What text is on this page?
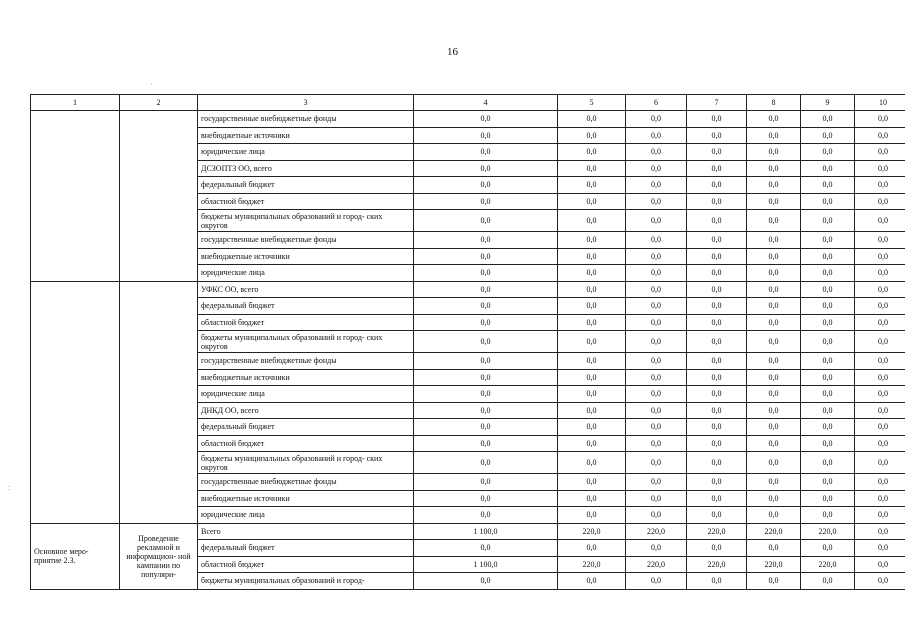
16
·
:
1	2	3	4	5	6	7	8	9	10
		государственные внебюджетные фонды	0,0	0,0	0,0	0,0	0,0	0,0	0,0
		внебюджетные источники	0,0	0,0	0,0	0,0	0,0	0,0	0,0
		юридические лица	0,0	0,0	0,0	0,0	0,0	0,0	0,0
		ДСЗОПТЗ ОО, всего	0,0	0,0	0,0	0,0	0,0	0,0	0,0
		федеральный бюджет	0,0	0,0	0,0	0,0	0,0	0,0	0,0
		областной бюджет	0,0	0,0	0,0	0,0	0,0	0,0	0,0
		бюджеты муниципальных образований и город- ских округов	0,0	0,0	0,0	0,0	0,0	0,0	0,0
		государственные внебюджетные фонды	0,0	0,0	0,0	0,0	0,0	0,0	0,0
		внебюджетные источники	0,0	0,0	0,0	0,0	0,0	0,0	0,0
		юридические лица	0,0	0,0	0,0	0,0	0,0	0,0	0,0
		УФКС ОО, всего	0,0	0,0	0,0	0,0	0,0	0,0	0,0
		федеральный бюджет	0,0	0,0	0,0	0,0	0,0	0,0	0,0
		областной бюджет	0,0	0,0	0,0	0,0	0,0	0,0	0,0
		бюджеты муниципальных образований и город- ских округов	0,0	0,0	0,0	0,0	0,0	0,0	0,0
		государственные внебюджетные фонды	0,0	0,0	0,0	0,0	0,0	0,0	0,0
		внебюджетные источники	0,0	0,0	0,0	0,0	0,0	0,0	0,0
		юридические лица	0,0	0,0	0,0	0,0	0,0	0,0	0,0
		ДНКД ОО, всего	0,0	0,0	0,0	0,0	0,0	0,0	0,0
		федеральный бюджет	0,0	0,0	0,0	0,0	0,0	0,0	0,0
		областной бюджет	0,0	0,0	0,0	0,0	0,0	0,0	0,0
		бюджеты муниципальных образований и город- ских округов	0,0	0,0	0,0	0,0	0,0	0,0	0,0
		государственные внебюджетные фонды	0,0	0,0	0,0	0,0	0,0	0,0	0,0
		внебюджетные источники	0,0	0,0	0,0	0,0	0,0	0,0	0,0
		юридические лица	0,0	0,0	0,0	0,0	0,0	0,0	0,0
Основное меро- приятие 2.3.	Проведение рекламной и информацион- ной кампании по популяри-	Всего	1 100,0	220,0	220,0	220,0	220,0	220,0	0,0
		федеральный бюджет	0,0	0,0	0,0	0,0	0,0	0,0	0,0
		областной бюджет	1 100,0	220,0	220,0	220,0	220,0	220,0	0,0
		бюджеты муниципальных образований и город-	0,0	0,0	0,0	0,0	0,0	0,0	0,0
